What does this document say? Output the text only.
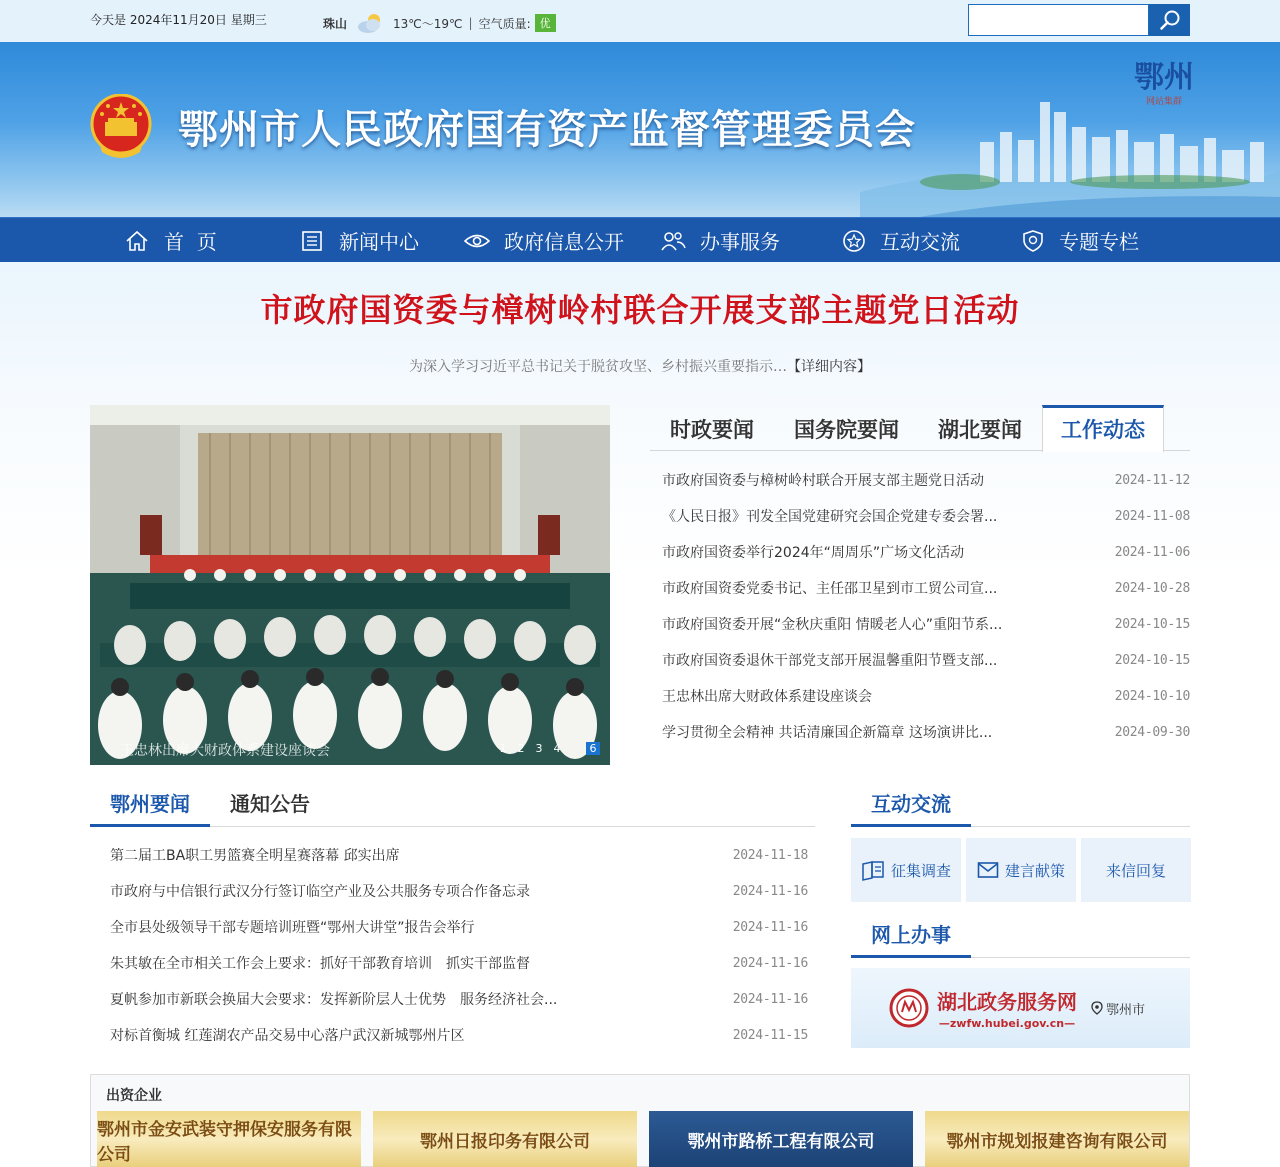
今天是 2024年11月20日 星期三	珠山	13℃～19℃ | 空气质量: 优
鄂州市人民政府国有资产监督管理委员会
鄂州
网站集群
首  页	新闻中心	政府信息公开	办事服务	互动交流	专题专栏
市政府国资委与樟树岭村联合开展支部主题党日活动
为深入学习习近平总书记关于脱贫攻坚、乡村振兴重要指示…【详细内容】
王忠林出席大财政体系建设座谈会	1 2 3 4	6
时政要闻 国务院要闻 湖北要闻	工作动态
市政府国资委与樟树岭村联合开展支部主题党日活动	2024-11-12
《人民日报》刊发全国党建研究会国企党建专委会署...	2024-11-08
市政府国资委举行2024年“周周乐”广场文化活动	2024-11-06
市政府国资委党委书记、主任邵卫星到市工贸公司宣...	2024-10-28
市政府国资委开展“金秋庆重阳 情暖老人心”重阳节系...	2024-10-15
市政府国资委退休干部党支部开展温馨重阳节暨支部...	2024-10-15
王忠林出席大财政体系建设座谈会	2024-10-10
学习贯彻全会精神 共话清廉国企新篇章 这场演讲比...	2024-09-30
鄂州要闻	通知公告
第二届工BA职工男篮赛全明星赛落幕 邱实出席	2024-11-18
市政府与中信银行武汉分行签订临空产业及公共服务专项合作备忘录	2024-11-16
全市县处级领导干部专题培训班暨“鄂州大讲堂”报告会举行	2024-11-16
朱其敏在全市相关工作会上要求：抓好干部教育培训　抓实干部监督	2024-11-16
夏帆参加市新联会换届大会要求：发挥新阶层人士优势　服务经济社会...	2024-11-16
对标首衡城 红莲湖农产品交易中心落户武汉新城鄂州片区	2024-11-15
互动交流
征集调查	建言献策	来信回复
网上办事
湖北政务服务网
—zwfw.hubei.gov.cn—
鄂州市
出资企业
鄂州市金安武装守押保安服务有限公司
鄂州日报印务有限公司	鄂州市路桥工程有限公司	鄂州市规划报建咨询有限公司
